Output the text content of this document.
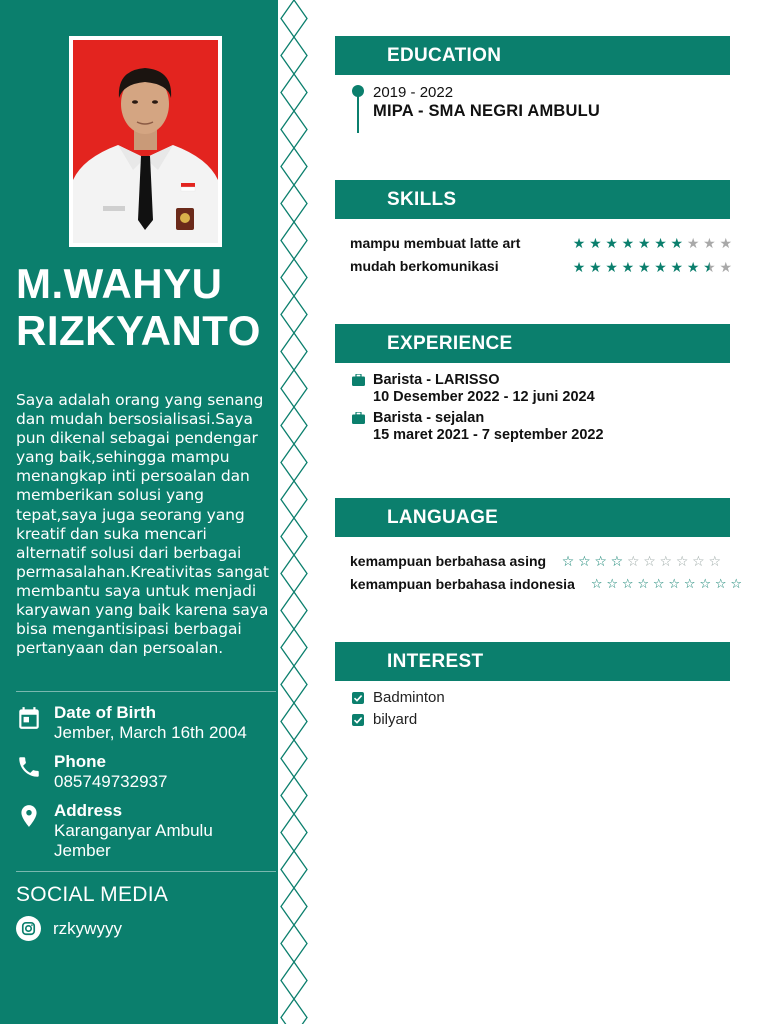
M.WAHYU
RIZKYANTO
Saya adalah orang yang senang dan mudah bersosialisasi.Saya pun dikenal sebagai pendengar yang baik,sehingga mampu menangkap inti persoalan dan memberikan solusi yang tepat,saya juga seorang yang kreatif dan suka mencari alternatif solusi dari berbagai permasalahan.Kreativitas sangat membantu saya untuk menjadi karyawan yang baik karena saya bisa mengantisipasi berbagai pertanyaan dan persoalan.
Date of Birth
Jember, March 16th 2004
Phone
085749732937
Address
Karanganyar Ambulu Jember
SOCIAL MEDIA
rzkywyyy
EDUCATION
2019 - 2022
MIPA - SMA NEGRI AMBULU
SKILLS
mampu membuat latte art	★ ★ ★ ★ ★ ★ ★ ★ ★ ★
mudah berkomunikasi	★ ★ ★ ★ ★ ★ ★ ★ ★ ★
EXPERIENCE
Barista - LARISSO
10 Desember 2022 - 12 juni 2024
Barista - sejalan
15 maret 2021 - 7 september 2022
LANGUAGE
kemampuan berbahasa asing ☆ ☆ ☆ ☆ ☆ ☆ ☆ ☆ ☆ ☆
kemampuan berbahasa indonesia ☆ ☆ ☆ ☆ ☆ ☆ ☆ ☆ ☆ ☆
INTEREST
Badminton
bilyard
